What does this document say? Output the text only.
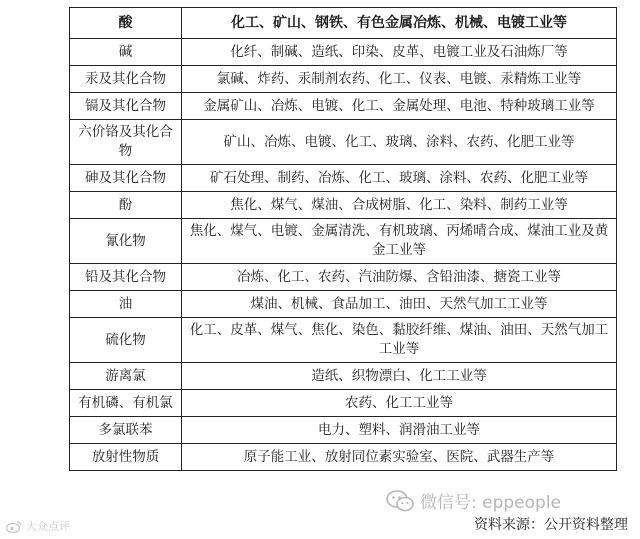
酸	化工、矿山、钢铁、有色金属冶炼、机械、电镀工业等
碱	化纤、制碱、造纸、印染、皮革、电镀工业及石油炼厂等
汞及其化合物	氯碱、炸药、汞制剂农药、化工、仪表、电镀、汞精炼工业等
镉及其化合物	金属矿山、冶炼、电镀、化工、金属处理、电池、特种玻璃工业等
六价铬及其化合物	矿山、冶炼、电镀、化工、玻璃、涂料、农药、化肥工业等
砷及其化合物	矿石处理、制药、冶炼、化工、玻璃、涂料、农药、化肥工业等
酚	焦化、煤气、煤油、合成树脂、化工、染料、制药工业等
氰化物	焦化、煤气、电镀、金属清洗、有机玻璃、丙烯晴合成、煤油工业及黄金工业等
铅及其化合物	冶炼、化工、农药、汽油防爆、含铅油漆、搪瓷工业等
油	煤油、机械、食品加工、油田、天然气加工工业等
硫化物	化工、皮革、煤气、焦化、染色、黏胶纤维、煤油、油田、天然气加工工业等
游离氯	造纸、织物漂白、化工工业等
有机磷、有机氯	农药、化工工业等
多氯联苯	电力、塑料、润滑油工业等
放射性物质	原子能工业、放射同位素实验室、医院、武器生产等
微信号: eppeople
大众点评	资料来源：公开资料整理
